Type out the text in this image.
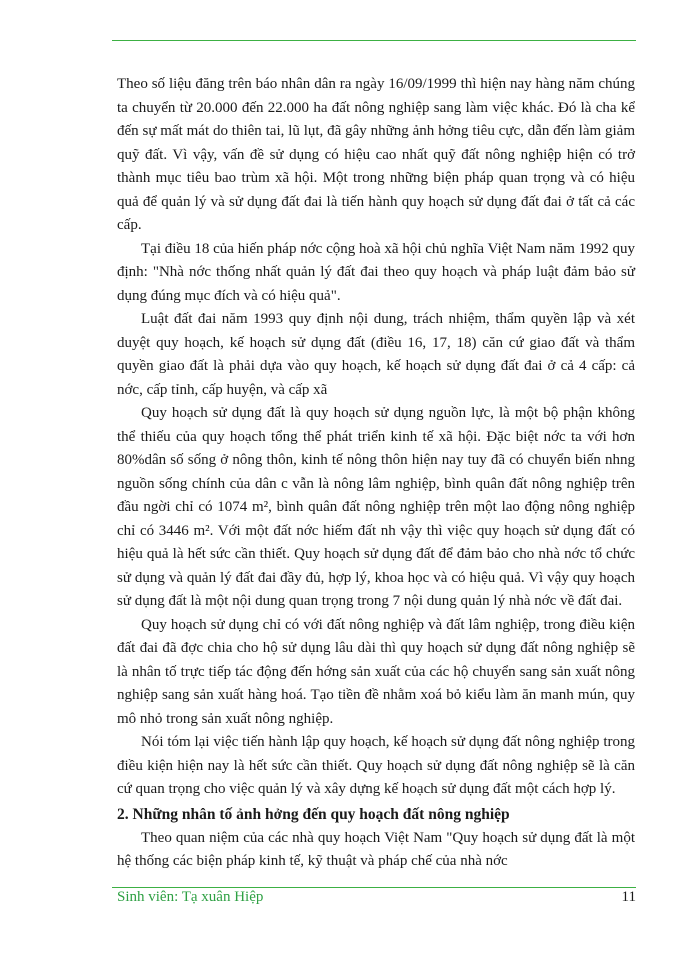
Theo số liệu đăng trên báo nhân dân ra ngày 16/09/1999 thì hiện nay hàng năm chúng ta chuyển từ 20.000 đến 22.000 ha đất nông nghiệp sang làm việc khác. Đó là cha kể đến sự mất mát do thiên tai, lũ lụt, đã gây những ảnh hởng tiêu cực, dẫn đến làm giảm quỹ đất. Vì vậy, vấn đề sử dụng có hiệu cao nhất quỹ đất nông nghiệp hiện có trở thành mục tiêu bao trùm xã hội. Một trong những biện pháp quan trọng và có hiệu quả để quản lý và sử dụng đất đai là tiến hành quy hoạch sử dụng đất đai ở tất cả các cấp.

Tại điều 18 của hiến pháp nớc cộng hoà xã hội chủ nghĩa Việt Nam năm 1992 quy định: "Nhà nớc thống nhất quản lý đất đai theo quy hoạch và pháp luật đảm bảo sử dụng đúng mục đích và có hiệu quả".

Luật đất đai năm 1993 quy định nội dung, trách nhiệm, thẩm quyền lập và xét duyệt quy hoạch, kế hoạch sử dụng đất (điều 16, 17, 18) căn cứ giao đất và thẩm quyền giao đất là phải dựa vào quy hoạch, kế hoạch sử dụng đất đai ở cả 4 cấp: cả nớc, cấp tỉnh, cấp huyện, và cấp xã

Quy hoạch sử dụng đất là quy hoạch sử dụng nguồn lực, là một bộ phận không thể thiếu của quy hoạch tổng thể phát triển kinh tế xã hội. Đặc biệt nớc ta với hơn 80%dân số sống ở nông thôn, kinh tế nông thôn hiện nay tuy đã có chuyển biến nhng nguồn sống chính của dân c vẫn là nông lâm nghiệp, bình quân đất nông nghiệp trên đầu ngời chỉ có 1074 m², bình quân đất nông nghiệp trên một lao động nông nghiệp chỉ có 3446 m². Với một đất nớc hiếm đất nh vậy thì việc quy hoạch sử dụng đất có hiệu quả là hết sức cần thiết. Quy hoạch sử dụng đất để đảm bảo cho nhà nớc tổ chức sử dụng và quản lý đất đai đầy đủ, hợp lý, khoa học và có hiệu quả. Vì vậy quy hoạch sử dụng đất là một nội dung quan trọng trong 7 nội dung quản lý nhà nớc về đất đai.

Quy hoạch sử dụng chỉ có với đất nông nghiệp và đất lâm nghiệp, trong điều kiện đất đai đã đợc chia cho hộ sử dụng lâu dài thì quy hoạch sử dụng đất nông nghiệp sẽ là nhân tố trực tiếp tác động đến hớng sản xuất của các hộ chuyển sang sản xuất nông nghiệp sang sản xuất hàng hoá. Tạo tiền đề nhằm xoá bỏ kiểu làm ăn manh mún, quy mô nhỏ trong sản xuất nông nghiệp.

Nói tóm lại việc tiến hành lập quy hoạch, kế hoạch sử dụng đất nông nghiệp trong điều kiện hiện nay là hết sức cần thiết. Quy hoạch sử dụng đất nông nghiệp sẽ là căn cứ quan trọng cho việc quản lý và xây dựng kế hoạch sử dụng đất một cách hợp lý.

2. Những nhân tố ảnh hởng đến quy hoạch đất nông nghiệp

Theo quan niệm của các nhà quy hoạch Việt Nam "Quy hoạch sử dụng đất là một hệ thống các biện pháp kinh tế, kỹ thuật và pháp chế của nhà nớc

Sinh viên: Tạ xuân Hiệp	11
